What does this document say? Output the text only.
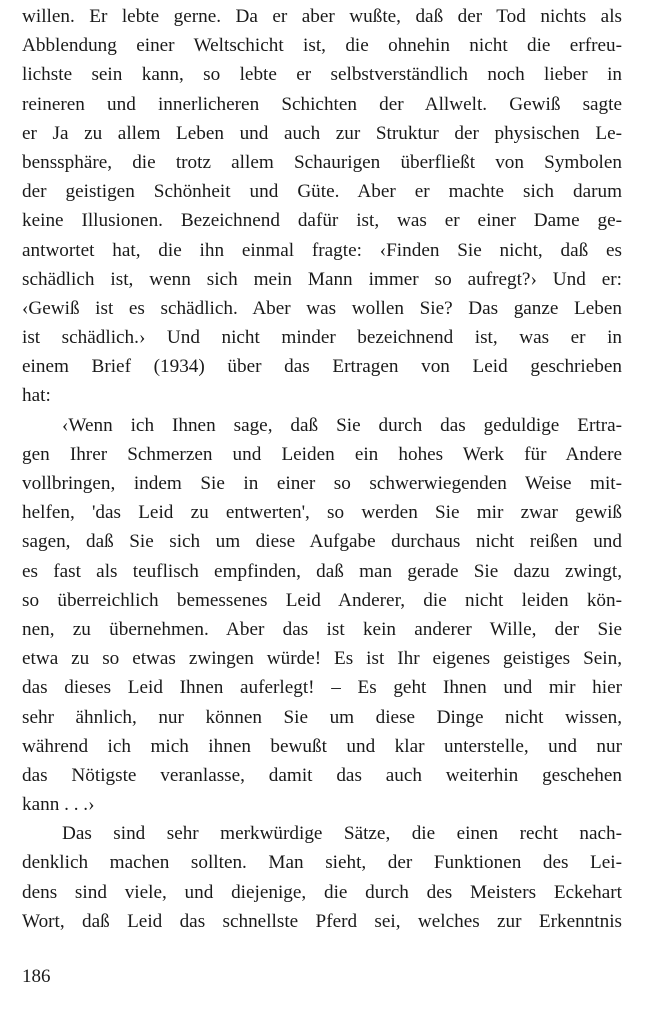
willen. Er lebte gerne. Da er aber wußte, daß der Tod nichts als
Abblendung einer Weltschicht ist, die ohnehin nicht die erfreu-
lichste sein kann, so lebte er selbstverständlich noch lieber in
reineren und innerlicheren Schichten der Allwelt. Gewiß sagte
er Ja zu allem Leben und auch zur Struktur der physischen Le-
benssphäre, die trotz allem Schaurigen überfließt von Symbolen
der geistigen Schönheit und Güte. Aber er machte sich darum
keine Illusionen. Bezeichnend dafür ist, was er einer Dame ge-
antwortet hat, die ihn einmal fragte: ‹Finden Sie nicht, daß es
schädlich ist, wenn sich mein Mann immer so aufregt?› Und er:
‹Gewiß ist es schädlich. Aber was wollen Sie? Das ganze Leben
ist schädlich.› Und nicht minder bezeichnend ist, was er in
einem Brief (1934) über das Ertragen von Leid geschrieben
hat:
‹Wenn ich Ihnen sage, daß Sie durch das geduldige Ertra-
gen Ihrer Schmerzen und Leiden ein hohes Werk für Andere
vollbringen, indem Sie in einer so schwerwiegenden Weise mit-
helfen, 'das Leid zu entwerten', so werden Sie mir zwar gewiß
sagen, daß Sie sich um diese Aufgabe durchaus nicht reißen und
es fast als teuflisch empfinden, daß man gerade Sie dazu zwingt,
so überreichlich bemessenes Leid Anderer, die nicht leiden kön-
nen, zu übernehmen. Aber das ist kein anderer Wille, der Sie
etwa zu so etwas zwingen würde! Es ist Ihr eigenes geistiges Sein,
das dieses Leid Ihnen auferlegt! – Es geht Ihnen und mir hier
sehr ähnlich, nur können Sie um diese Dinge nicht wissen,
während ich mich ihnen bewußt und klar unterstelle, und nur
das Nötigste veranlasse, damit das auch weiterhin geschehen
kann . . .›
Das sind sehr merkwürdige Sätze, die einen recht nach-
denklich machen sollten. Man sieht, der Funktionen des Lei-
dens sind viele, und diejenige, die durch des Meisters Eckehart
Wort, daß Leid das schnellste Pferd sei, welches zur Erkenntnis
186
